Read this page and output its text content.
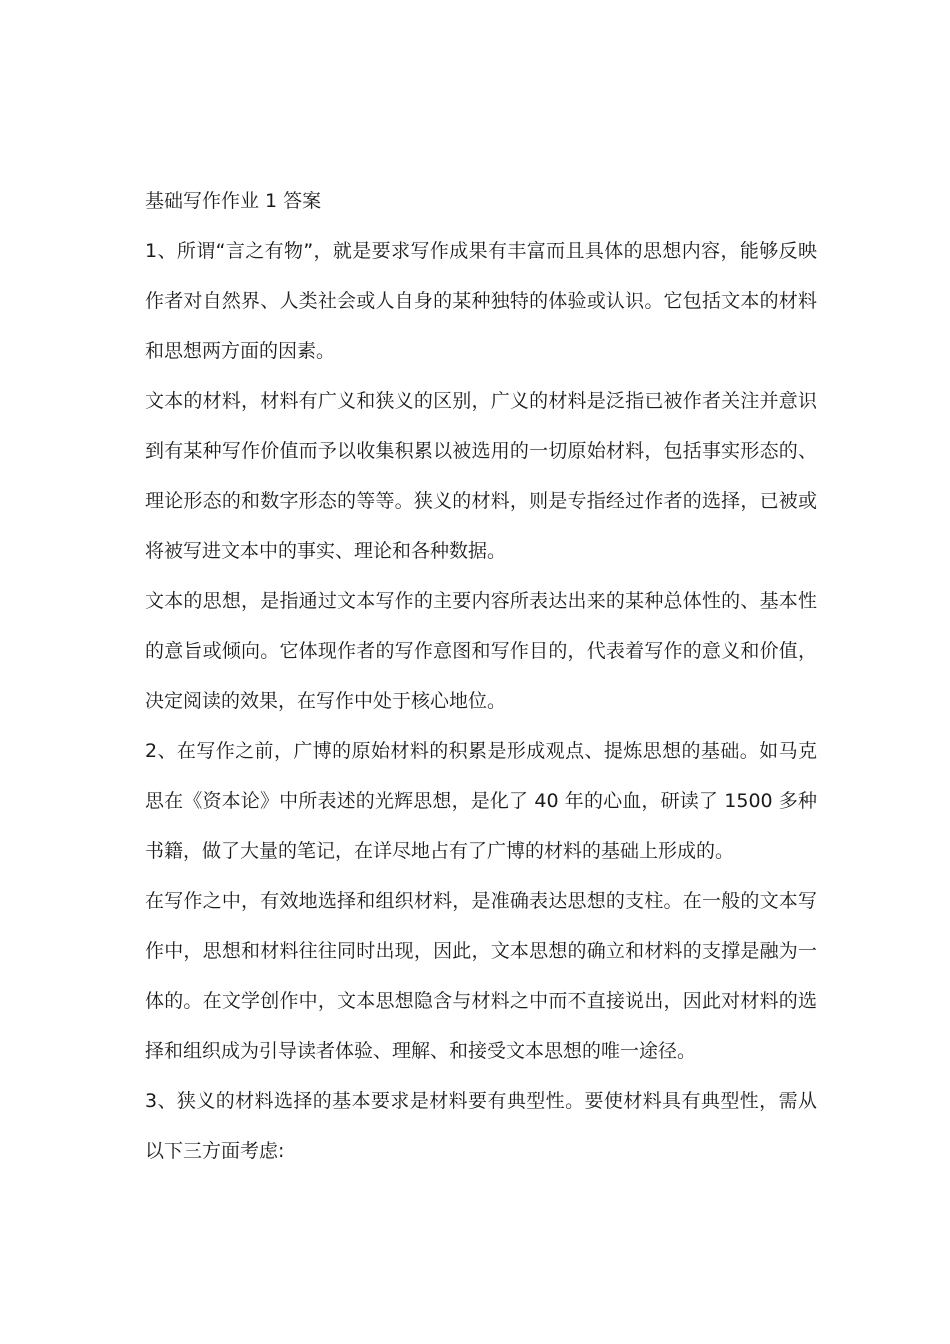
基础写作作业 1 答案

1、所谓“言之有物”，就是要求写作成果有丰富而且具体的思想内容，能够反映作者对自然界、人类社会或人自身的某种独特的体验或认识。它包括文本的材料和思想两方面的因素。

文本的材料，材料有广义和狭义的区别，广义的材料是泛指已被作者关注并意识到有某种写作价值而予以收集积累以被选用的一切原始材料，包括事实形态的、理论形态的和数字形态的等等。狭义的材料，则是专指经过作者的选择，已被或将被写进文本中的事实、理论和各种数据。

文本的思想，是指通过文本写作的主要内容所表达出来的某种总体性的、基本性的意旨或倾向。它体现作者的写作意图和写作目的，代表着写作的意义和价值，决定阅读的效果，在写作中处于核心地位。

2、在写作之前，广博的原始材料的积累是形成观点、提炼思想的基础。如马克思在《资本论》中所表述的光辉思想，是化了 40 年的心血，研读了 1500 多种书籍，做了大量的笔记，在详尽地占有了广博的材料的基础上形成的。

在写作之中，有效地选择和组织材料，是准确表达思想的支柱。在一般的文本写作中，思想和材料往往同时出现，因此，文本思想的确立和材料的支撑是融为一体的。在文学创作中，文本思想隐含与材料之中而不直接说出，因此对材料的选择和组织成为引导读者体验、理解、和接受文本思想的唯一途径。

3、狭义的材料选择的基本要求是材料要有典型性。要使材料具有典型性，需从以下三方面考虑:
